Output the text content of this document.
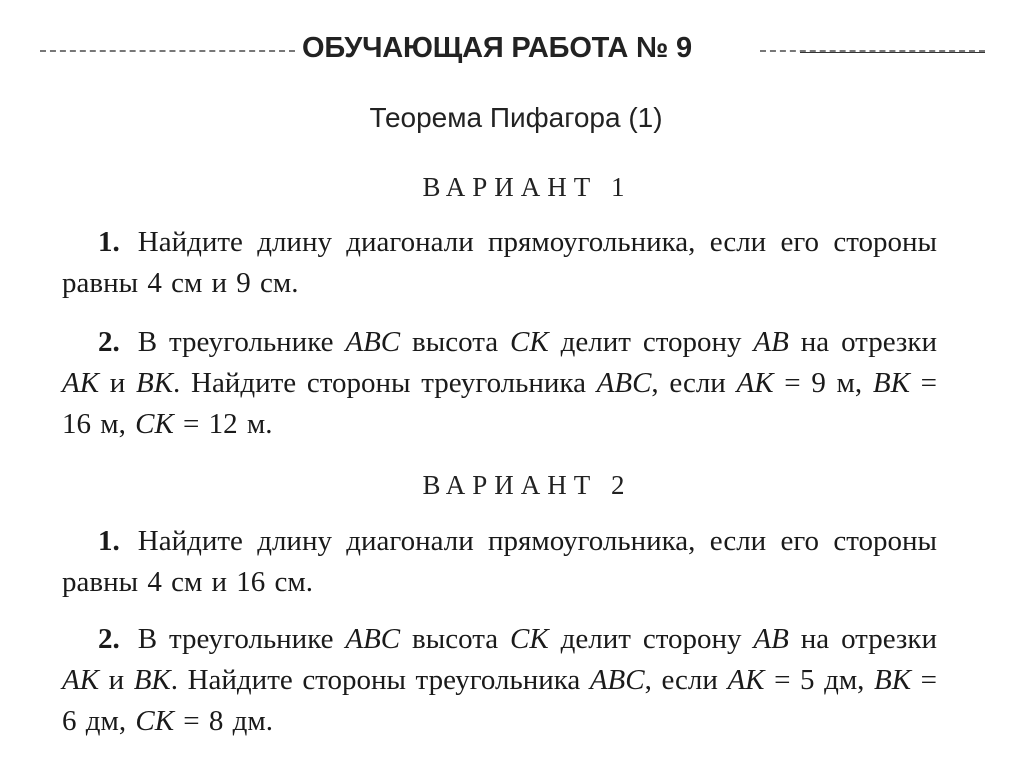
ОБУЧАЮЩАЯ РАБОТА № 9
Теорема Пифагора (1)
ВАРИАНТ 1
1. Найдите длину диагонали прямоугольника, если его стороны равны 4 см и 9 см.
2. В треугольнике ABC высота CK делит сторону AB на отрезки AK и BK. Найдите стороны треугольника ABC, если AK = 9 м, BK = 16 м, CK = 12 м.
ВАРИАНТ 2
1. Найдите длину диагонали прямоугольника, если его стороны равны 4 см и 16 см.
2. В треугольнике ABC высота CK делит сторону AB на отрезки AK и BK. Найдите стороны треугольника ABC, если AK = 5 дм, BK = 6 дм, CK = 8 дм.
